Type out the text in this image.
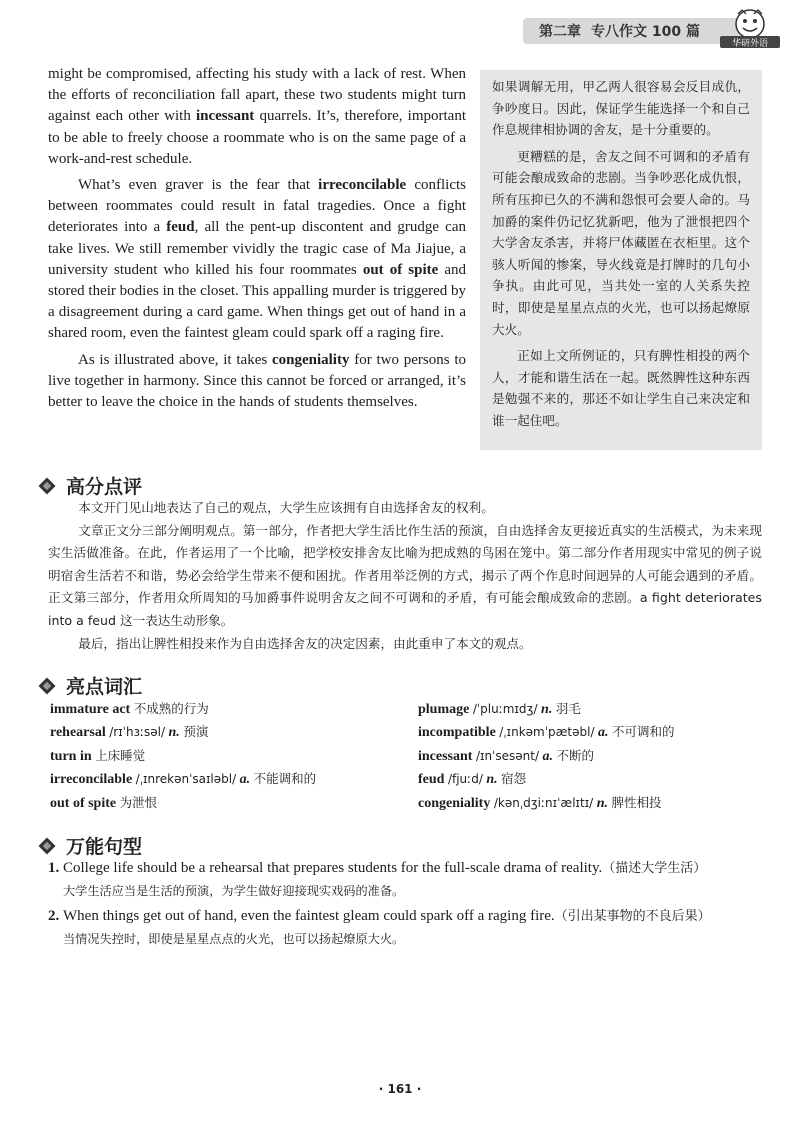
第二章 专八作文 100 篇
华研外语

might be compromised, affecting his study with a lack of rest. When the efforts of reconciliation fall apart, these two students might turn against each other with incessant quarrels. It’s, therefore, important to be able to freely choose a roommate who is on the same page of a work-and-rest schedule.

What’s even graver is the fear that irreconcilable conflicts between roommates could result in fatal tragedies. Once a fight deteriorates into a feud, all the pent-up discontent and grudge can take lives. We still remember vividly the tragic case of Ma Jiajue, a university student who killed his four roommates out of spite and stored their bodies in the closet. This appalling murder is triggered by a disagreement during a card game. When things get out of hand in a shared room, even the faintest gleam could spark off a raging fire.

As is illustrated above, it takes congeniality for two persons to live together in harmony. Since this cannot be forced or arranged, it’s better to leave the choice in the hands of students themselves.

如果调解无用，甲乙两人很容易会反目成仇，争吵度日。因此，保证学生能选择一个和自己作息规律相协调的舍友，是十分重要的。

更糟糕的是，舍友之间不可调和的矛盾有可能会酿成致命的悲剧。当争吵恶化成仇恨，所有压抑已久的不满和怨恨可会要人命的。马加爵的案件仍记忆犹新吧，他为了泄恨把四个大学舍友杀害，并将尸体藏匿在衣柜里。这个骇人听闻的惨案，导火线竟是打牌时的几句小争执。由此可见，当共处一室的人关系失控时，即使是星星点点的火光，也可以扬起燎原大火。

正如上文所例证的，只有脾性相投的两个人，才能和谐生活在一起。既然脾性这种东西是勉强不来的，那还不如让学生自己来决定和谁一起住吧。

高分点评

本文开门见山地表达了自己的观点，大学生应该拥有自由选择舍友的权利。

文章正文分三部分阐明观点。第一部分，作者把大学生活比作生活的预演，自由选择舍友更接近真实的生活模式，为未来现实生活做准备。在此，作者运用了一个比喻，把学校安排舍友比喻为把成熟的鸟困在笼中。第二部分作者用现实中常见的例子说明宿舍生活若不和谐，势必会给学生带来不便和困扰。作者用举泛例的方式，揭示了两个作息时间迥异的人可能会遇到的矛盾。正文第三部分，作者用众所周知的马加爵事件说明舍友之间不可调和的矛盾，有可能会酿成致命的悲剧。a fight deteriorates into a feud 这一表达生动形象。

最后，指出让脾性相投来作为自由选择舍友的决定因素，由此重申了本文的观点。

亮点词汇
immature act 不成熟的行为	plumage /ˈpluːmɪdʒ/ n. 羽毛
rehearsal /rɪˈhɜːsəl/ n. 预演	incompatible /ˌɪnkəmˈpætəbl/ a. 不可调和的
turn in 上床睡觉	incessant /ɪnˈsesənt/ a. 不断的
irreconcilable /ˌɪnrekənˈsaɪləbl/ a. 不能调和的	feud /fjuːd/ n. 宿怨
out of spite 为泄恨	congeniality /kənˌdʒiːnɪˈælɪtɪ/ n. 脾性相投
万能句型
1. College life should be a rehearsal that prepares students for the full-scale drama of reality.（描述大学生活）
大学生活应当是生活的预演，为学生做好迎接现实戏码的准备。
2. When things get out of hand, even the faintest gleam could spark off a raging fire.（引出某事物的不良后果）
当情况失控时，即使是星星点点的火光，也可以扬起燎原大火。
· 161 ·
